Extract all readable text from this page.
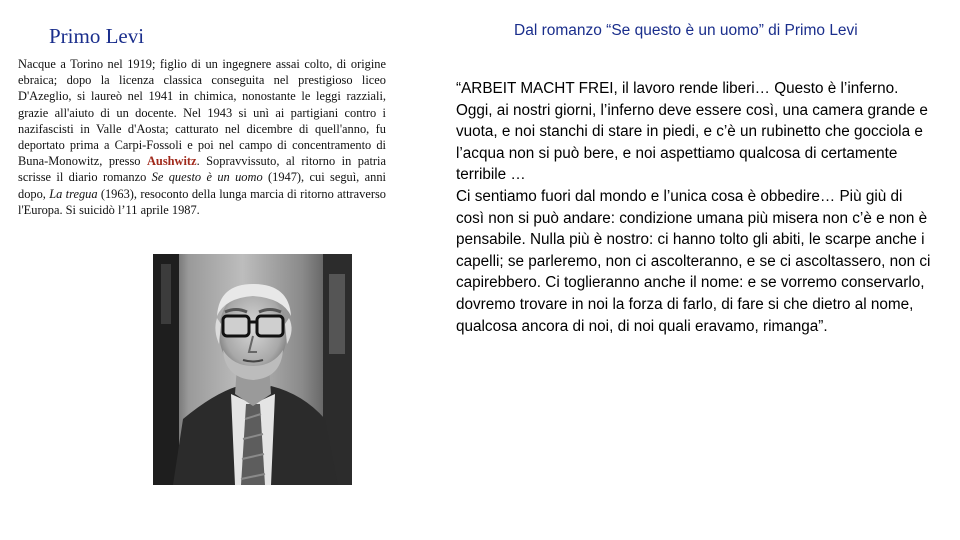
Primo Levi
Nacque a Torino nel 1919; figlio di un ingegnere assai colto, di origine ebraica; dopo la licenza classica conseguita nel prestigioso liceo D'Azeglio, si laureò nel 1941 in chimica, nonostante le leggi razziali, grazie all'aiuto di un docente. Nel 1943 si unì ai partigiani contro i nazifascisti in Valle d'Aosta; catturato nel dicembre di quell'anno, fu deportato prima a Carpi-Fossoli e poi nel campo di concentramento di Buna-Monowitz, presso Aushwitz. Sopravvissuto, al ritorno in patria scrisse il diario romanzo Se questo è un uomo (1947), cui seguì, anni dopo, La tregua (1963), resoconto della lunga marcia di ritorno attraverso l'Europa. Si suicidò l’11 aprile 1987.
Dal romanzo “Se questo è un uomo” di Primo Levi
“ARBEIT MACHT FREI, il lavoro rende liberi… Questo è l’inferno. Oggi, ai nostri giorni, l’inferno deve essere così, una camera grande e vuota, e noi stanchi di stare in piedi, e c’è un rubinetto che gocciola e l’acqua non si può bere, e noi aspettiamo qualcosa di certamente terribile …
Ci sentiamo fuori dal mondo e l’unica cosa è obbedire… Più giù di così non si può andare: condizione umana più misera non c’è e non è pensabile. Nulla più è nostro: ci hanno tolto gli abiti, le scarpe anche i capelli; se parleremo, non ci ascolteranno, e se ci ascoltassero, non ci capirebbero. Ci toglieranno anche il nome: e se vorremo conservarlo, dovremo trovare in noi la forza di farlo, di fare si che dietro al nome, qualcosa ancora di noi, di noi quali eravamo, rimanga”.
